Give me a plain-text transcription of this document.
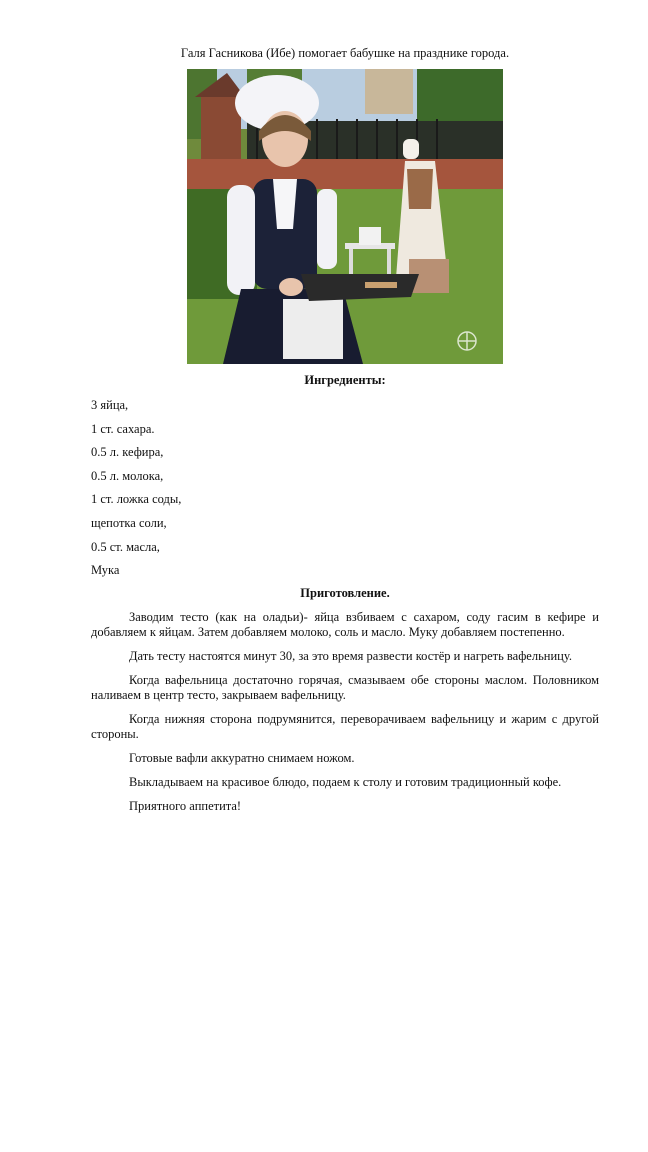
Галя Гасникова (Ибе) помогает бабушке на празднике города.
Ингредиенты:
3 яйца,
1 ст. сахара.
0.5 л. кефира,
0.5 л. молока,
1 ст. ложка соды,
щепотка соли,
0.5 ст. масла,
Мука
Приготовление.

Заводим тесто (как на оладьи)- яйца взбиваем с сахаром, соду гасим в кефире и добавляем к яйцам. Затем добавляем молоко, соль и масло. Муку добавляем постепенно.

Дать тесту настоятся минут 30, за это время развести костёр и нагреть вафельницу.

Когда вафельница достаточно горячая, смазываем обе стороны маслом. Половником наливаем в центр тесто, закрываем вафельницу.

Когда нижняя сторона подрумянится, переворачиваем вафельницу и жарим с другой стороны.

Готовые вафли аккуратно снимаем ножом.

Выкладываем на красивое блюдо, подаем к столу и готовим традиционный кофе.

Приятного аппетита!
